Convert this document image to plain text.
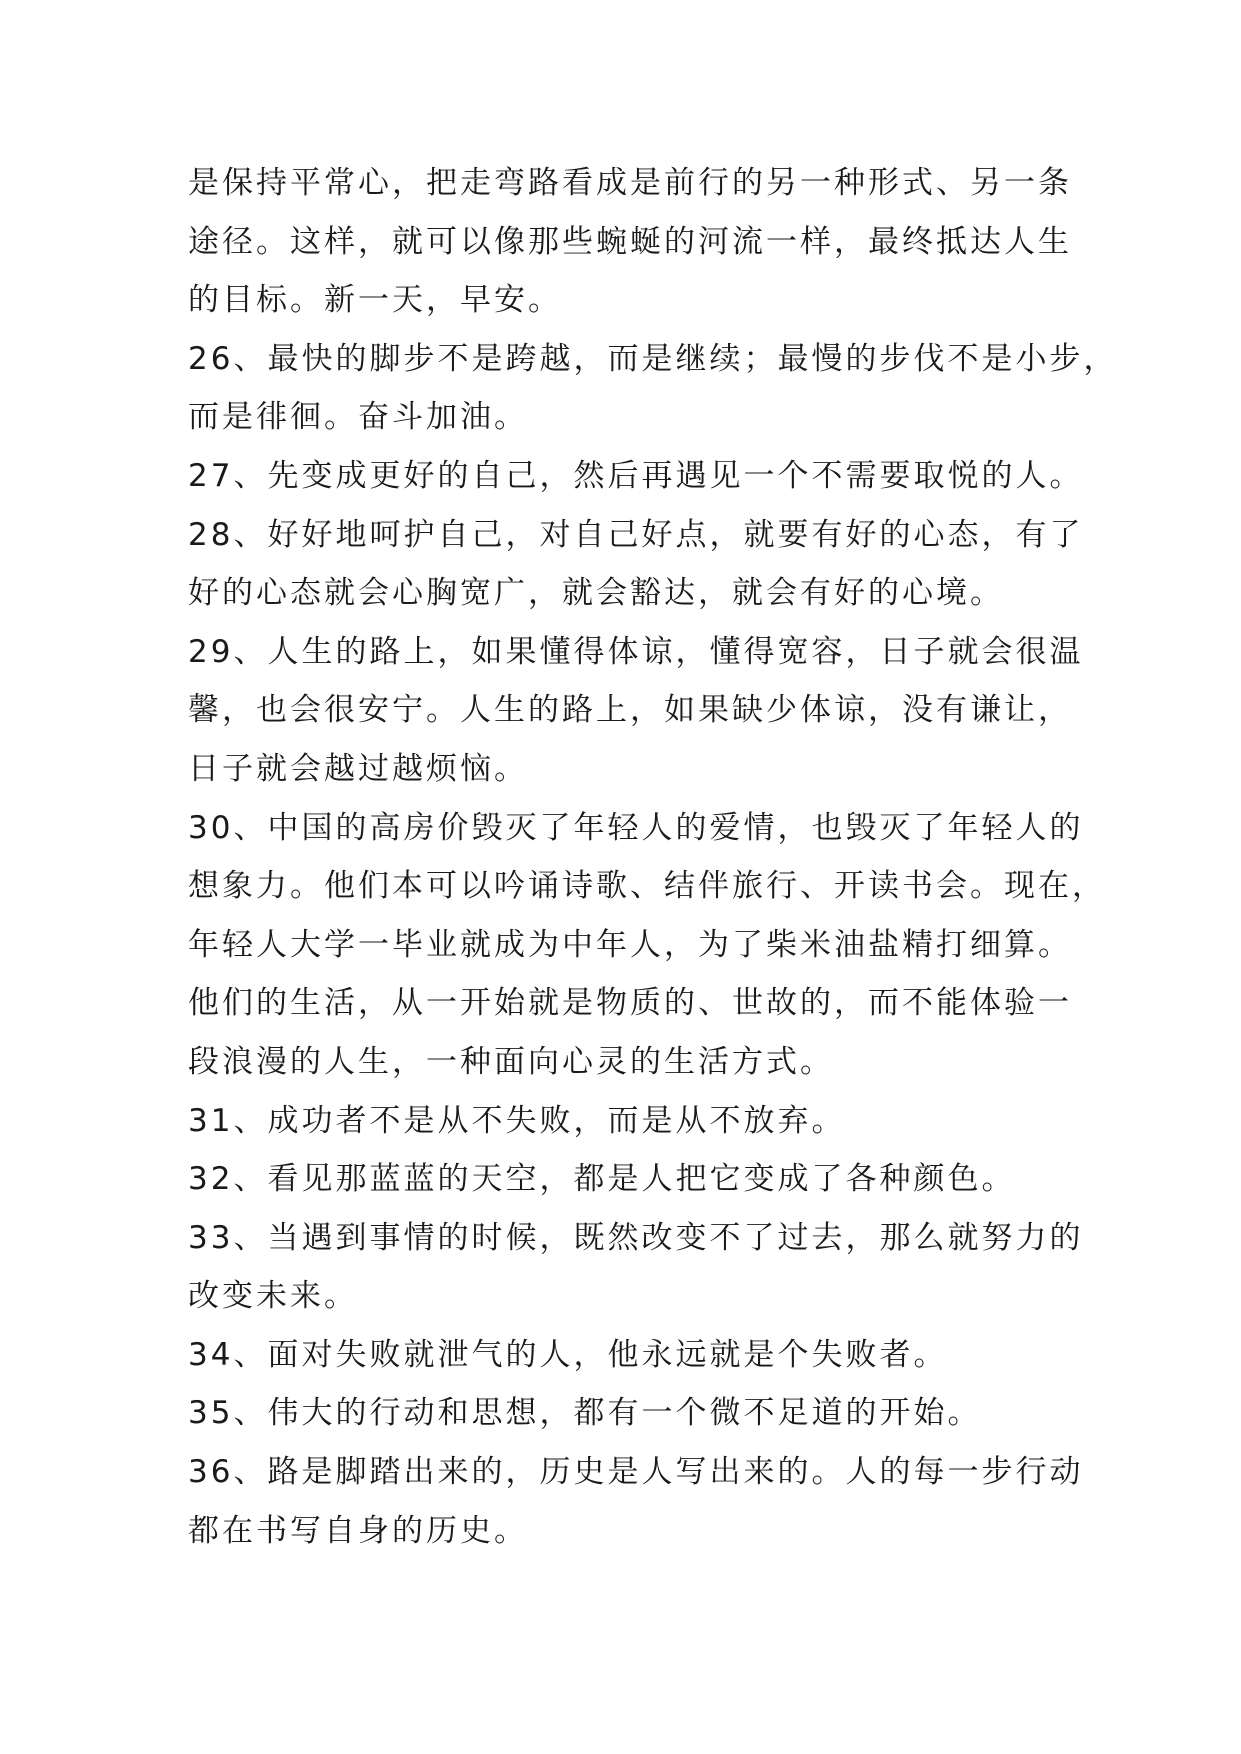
是保持平常心，把走弯路看成是前行的另一种形式、另一条
途径。这样，就可以像那些蜿蜒的河流一样，最终抵达人生
的目标。新一天，早安。
26、最快的脚步不是跨越，而是继续；最慢的步伐不是小步，
而是徘徊。奋斗加油。
27、先变成更好的自己，然后再遇见一个不需要取悦的人。
28、好好地呵护自己，对自己好点，就要有好的心态，有了
好的心态就会心胸宽广，就会豁达，就会有好的心境。
29、人生的路上，如果懂得体谅，懂得宽容，日子就会很温
馨，也会很安宁。人生的路上，如果缺少体谅，没有谦让，
日子就会越过越烦恼。
30、中国的高房价毁灭了年轻人的爱情，也毁灭了年轻人的
想象力。他们本可以吟诵诗歌、结伴旅行、开读书会。现在，
年轻人大学一毕业就成为中年人，为了柴米油盐精打细算。
他们的生活，从一开始就是物质的、世故的，而不能体验一
段浪漫的人生，一种面向心灵的生活方式。
31、成功者不是从不失败，而是从不放弃。
32、看见那蓝蓝的天空，都是人把它变成了各种颜色。
33、当遇到事情的时候，既然改变不了过去，那么就努力的
改变未来。
34、面对失败就泄气的人，他永远就是个失败者。
35、伟大的行动和思想，都有一个微不足道的开始。
36、路是脚踏出来的，历史是人写出来的。人的每一步行动
都在书写自身的历史。
